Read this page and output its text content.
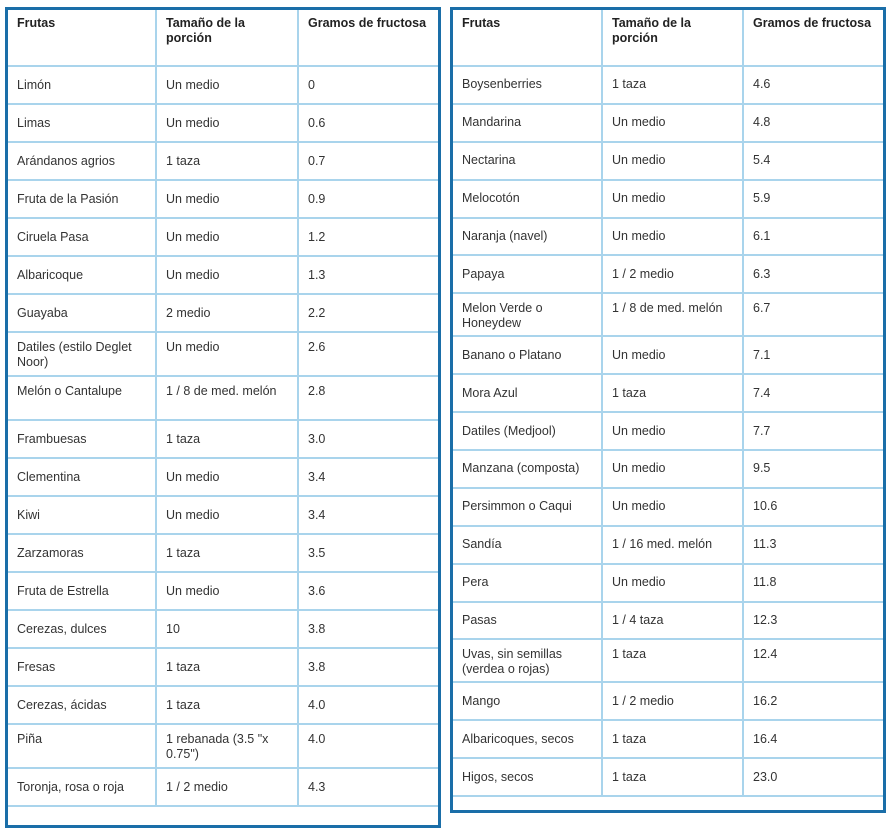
Frutas	Tamaño de la porción	Gramos de fructosa
Limón	Un medio	0
Limas	Un medio	0.6
Arándanos agrios	1 taza	0.7
Fruta de la Pasión	Un medio	0.9
Ciruela Pasa	Un medio	1.2
Albaricoque	Un medio	1.3
Guayaba	2 medio	2.2
Datiles (estilo Deglet Noor)	Un medio	2.6
Melón o Cantalupe	1 / 8 de med. melón	2.8
Frambuesas	1 taza	3.0
Clementina	Un medio	3.4
Kiwi	Un medio	3.4
Zarzamoras	1 taza	3.5
Fruta de Estrella	Un medio	3.6
Cerezas, dulces	10	3.8
Fresas	1 taza	3.8
Cerezas, ácidas	1 taza	4.0
Piña	1 rebanada (3.5 "x 0.75")	4.0
Toronja, rosa o roja	1 / 2 medio	4.3
Frutas	Tamaño de la porción	Gramos de fructosa
Boysenberries	1 taza	4.6
Mandarina	Un medio	4.8
Nectarina	Un medio	5.4
Melocotón	Un medio	5.9
Naranja (navel)	Un medio	6.1
Papaya	1 / 2 medio	6.3
Melon Verde o Honeydew	1 / 8 de med. melón	6.7
Banano o Platano	Un medio	7.1
Mora Azul	1 taza	7.4
Datiles (Medjool)	Un medio	7.7
Manzana (composta)	Un medio	9.5
Persimmon o Caqui	Un medio	10.6
Sandía	1 / 16 med. melón	11.3
Pera	Un medio	11.8
Pasas	1 / 4 taza	12.3
Uvas, sin semillas (verdea o rojas)	1 taza	12.4
Mango	1 / 2 medio	16.2
Albaricoques, secos	1 taza	16.4
Higos, secos	1 taza	23.0
